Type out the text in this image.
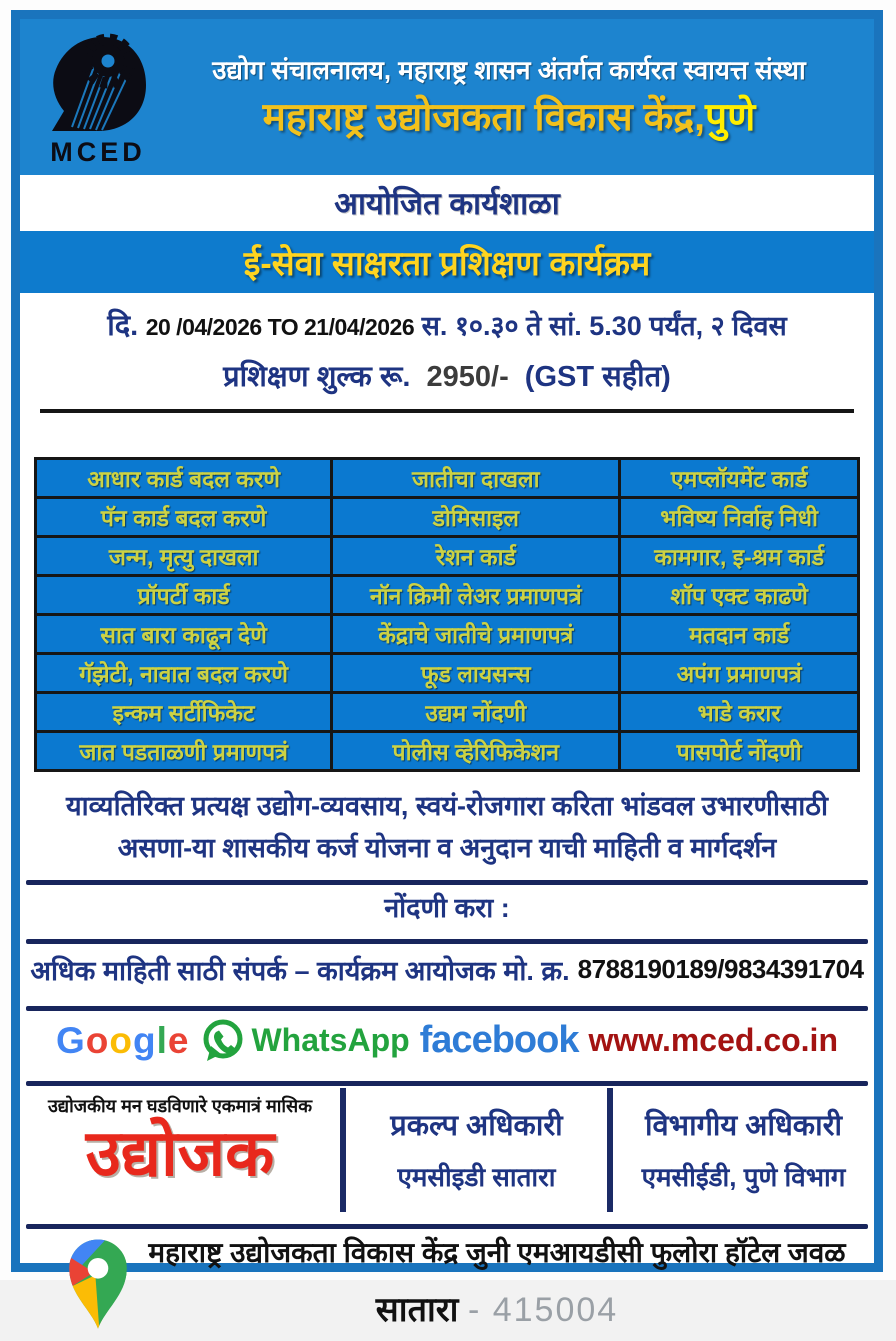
MCED
उद्योग संचालनालय, महाराष्ट्र शासन अंतर्गत कार्यरत स्वायत्त संस्था
महाराष्ट्र उद्योजकता विकास केंद्र,पुणे
आयोजित कार्यशाळा
ई-सेवा साक्षरता प्रशिक्षण कार्यक्रम
दि. 20 /04/2026 TO 21/04/2026 स. १०.३० ते सां. 5.30 पर्यंत, २ दिवस
प्रशिक्षण शुल्क रू. 2950/- (GST सहीत)
आधार कार्ड बदल करणे	जातीचा दाखला	एमप्लॉयमेंट कार्ड
पॅन कार्ड बदल करणे	डोमिसाइल	भविष्य निर्वाह निधी
जन्म, मृत्यु दाखला	रेशन कार्ड	कामगार, इ-श्रम कार्ड
प्रॉपर्टी कार्ड	नॉन क्रिमी लेअर प्रमाणपत्रं	शॉप एक्ट काढणे
सात बारा काढून देणे	केंद्राचे जातीचे प्रमाणपत्रं	मतदान कार्ड
गॅझेटी, नावात बदल करणे	फूड लायसन्स	अपंग प्रमाणपत्रं
इन्कम सर्टीफिकेट	उद्यम नोंदणी	भाडे करार
जात पडताळणी प्रमाणपत्रं	पोलीस व्हेरिफिकेशन	पासपोर्ट नोंदणी
याव्यतिरिक्त प्रत्यक्ष उद्योग-व्यवसाय, स्वयं-रोजगारा करिता भांडवल उभारणीसाठी
असणा-या शासकीय कर्ज योजना व अनुदान याची माहिती व मार्गदर्शन
नोंदणी करा :
अधिक माहिती साठी संपर्क – कार्यक्रम आयोजक मो. क्र. 8788190189/9834391704
Google WhatsApp facebook www.mced.co.in
उद्योजकीय मन घडविणारे एकमात्रं मासिक
उद्योजक	प्रकल्प अधिकारी
एमसीइडी सातारा
विभागीय अधिकारी
एमसीईडी, पुणे विभाग
महाराष्ट्र उद्योजकता विकास केंद्र जुनी एमआयडीसी फुलोरा हॉटेल जवळ
सातारा - 415004
